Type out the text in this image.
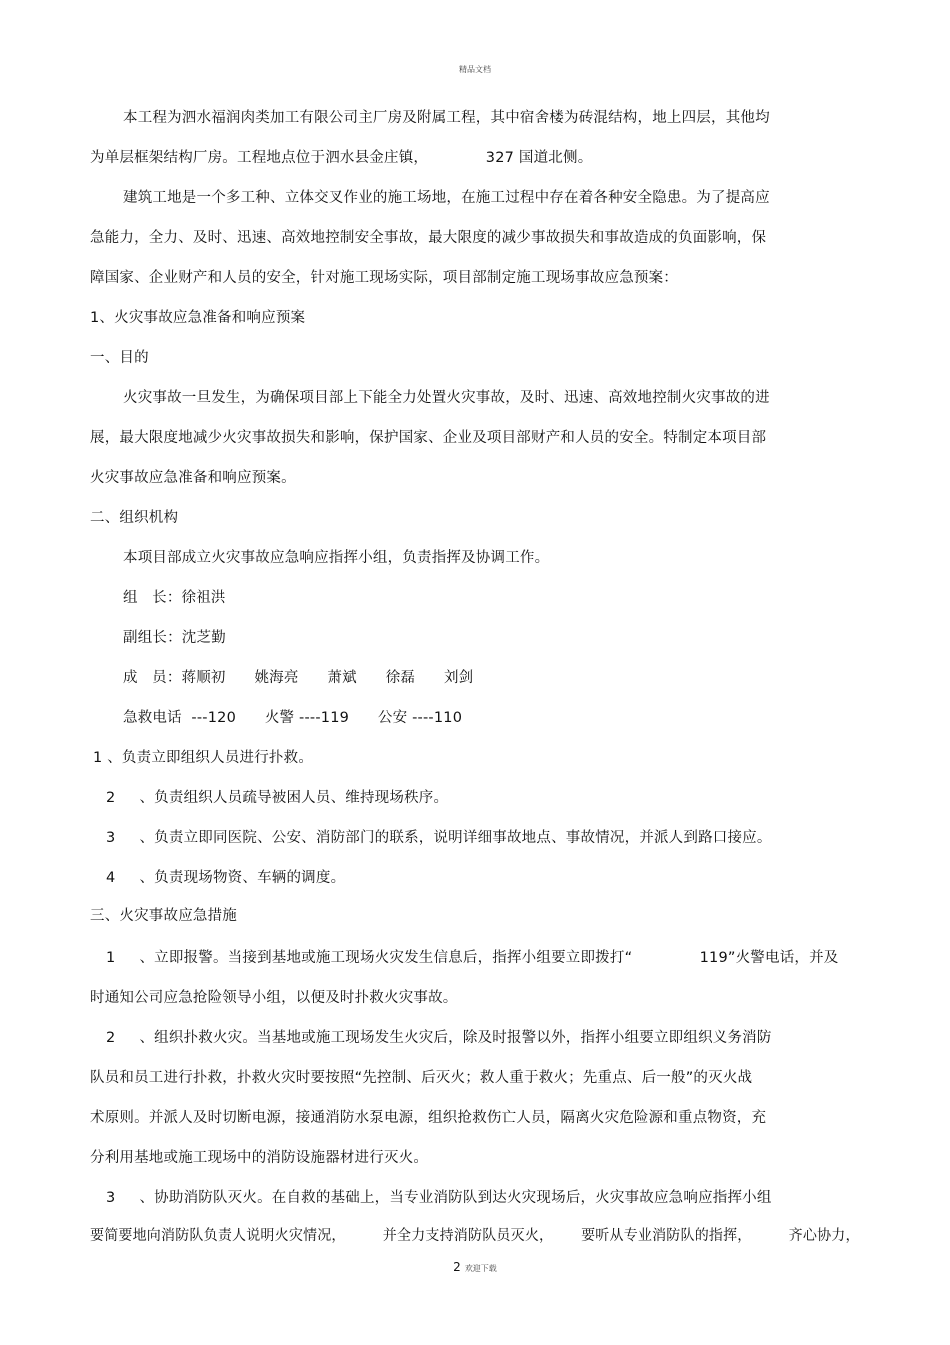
精品文档
本工程为泗水福润肉类加工有限公司主厂房及附属工程，其中宿舍楼为砖混结构，地上四层，其他均
为单层框架结构厂房。工程地点位于泗水县金庄镇，            327 国道北侧。
建筑工地是一个多工种、立体交叉作业的施工场地，在施工过程中存在着各种安全隐患。为了提高应
急能力，全力、及时、迅速、高效地控制安全事故，最大限度的减少事故损失和事故造成的负面影响，保
障国家、企业财产和人员的安全，针对施工现场实际，项目部制定施工现场事故应急预案：
1、火灾事故应急准备和响应预案
一、目的
火灾事故一旦发生，为确保项目部上下能全力处置火灾事故，及时、迅速、高效地控制火灾事故的进
展，最大限度地减少火灾事故损失和影响，保护国家、企业及项目部财产和人员的安全。特制定本项目部
火灾事故应急准备和响应预案。
二、组织机构
本项目部成立火灾事故应急响应指挥小组，负责指挥及协调工作。
组   长：徐祖洪
副组长：沈芝勤
成   员：蒋顺初      姚海亮      萧斌      徐磊      刘剑
急救电话  ---120      火警 ----119      公安 ----110
1 、负责立即组织人员进行扑救。
2     、负责组织人员疏导被困人员、维持现场秩序。
3     、负责立即同医院、公安、消防部门的联系，说明详细事故地点、事故情况，并派人到路口接应。
4     、负责现场物资、车辆的调度。
三、火灾事故应急措施
1     、立即报警。当接到基地或施工现场火灾发生信息后，指挥小组要立即拨打“              119”火警电话，并及
时通知公司应急抢险领导小组，以便及时扑救火灾事故。
2     、组织扑救火灾。当基地或施工现场发生火灾后，除及时报警以外，指挥小组要立即组织义务消防
队员和员工进行扑救，扑救火灾时要按照“先控制、后灭火；救人重于救火；先重点、后一般”的灭火战
术原则。并派人及时切断电源，接通消防水泵电源，组织抢救伤亡人员，隔离火灾危险源和重点物资，充
分利用基地或施工现场中的消防设施器材进行灭火。
3     、协助消防队灭火。在自救的基础上，当专业消防队到达火灾现场后，火灾事故应急响应指挥小组
要简要地向消防队负责人说明火灾情况，        并全力支持消防队员灭火，      要听从专业消防队的指挥，        齐心协力，
2 欢迎下载
